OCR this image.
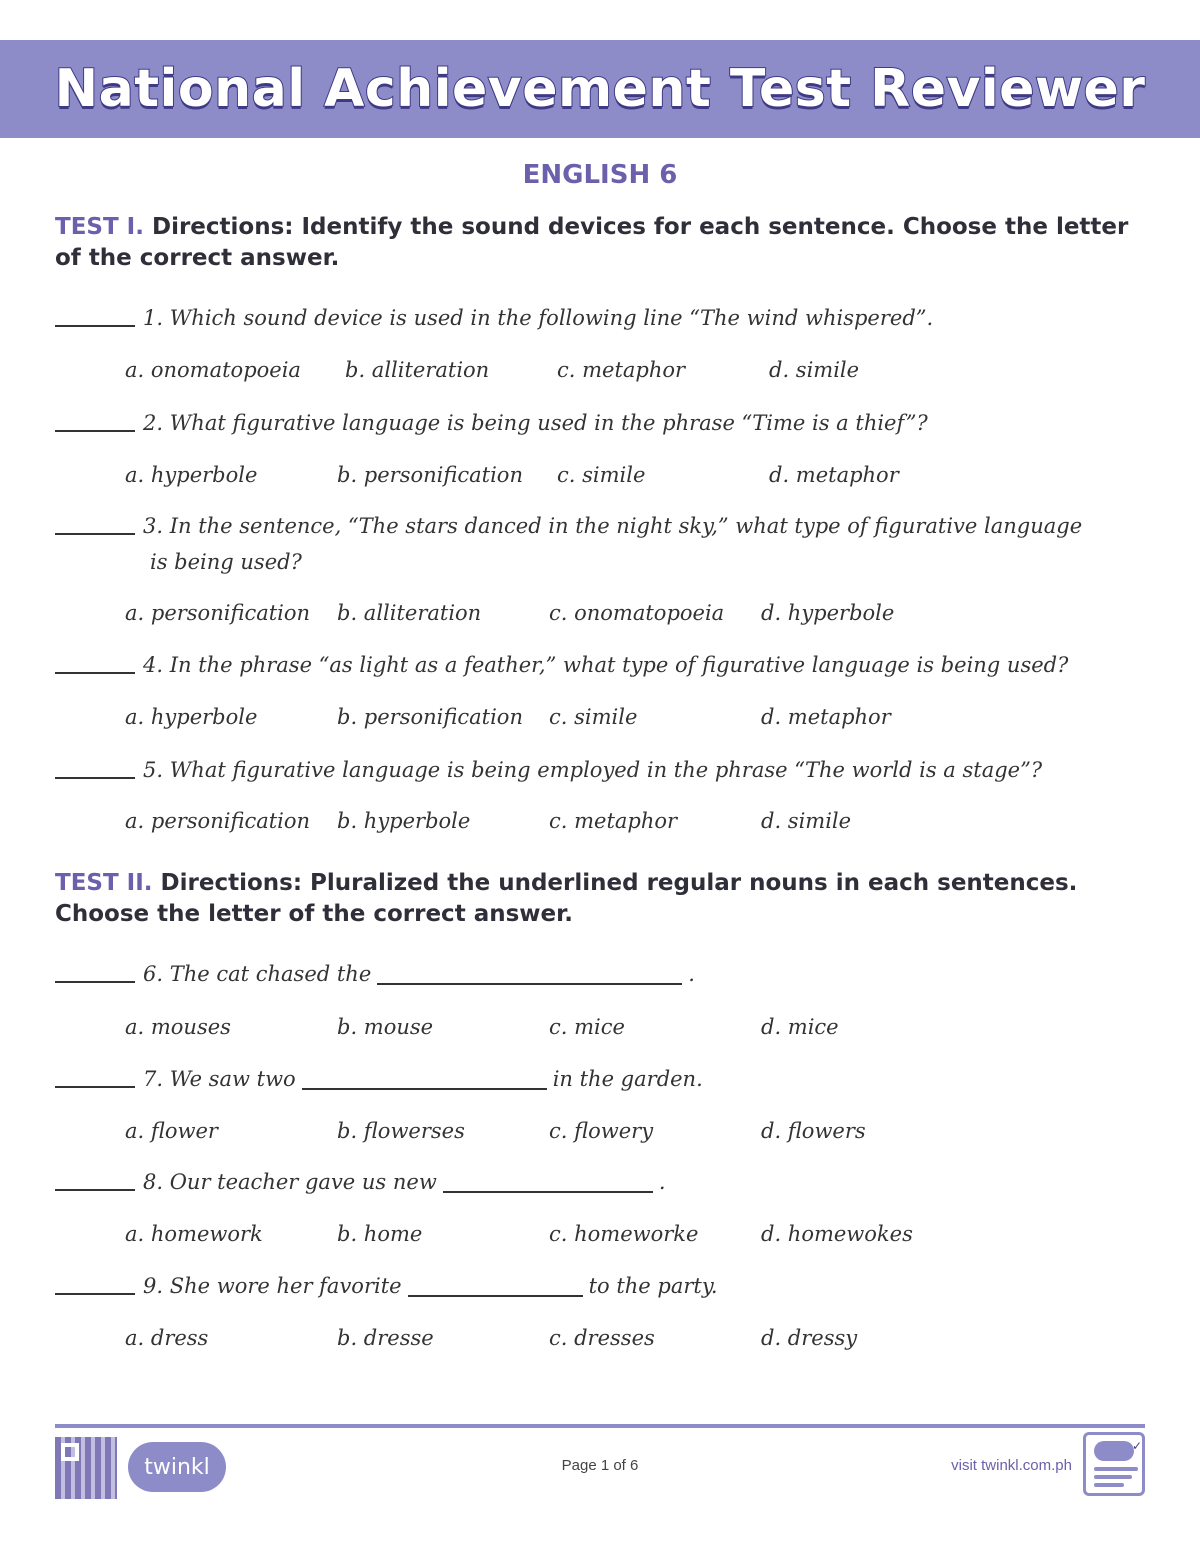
National Achievement Test Reviewer
ENGLISH 6
TEST I. Directions: Identify the sound devices for each sentence. Choose the letter of the correct answer.
1. Which sound device is used in the following line “The wind whispered”.
a. onomatopoeia b. alliteration	c. metaphor	d. simile
2. What figurative language is being used in the phrase “Time is a thief”?
a. hyperbole	b. personification c. simile	d. metaphor
3. In the sentence, “The stars danced in the night sky,” what type of figurative language
is being used?
a. personification b. alliteration	c. onomatopoeia d. hyperbole
4. In the phrase “as light as a feather,” what type of figurative language is being used?
a. hyperbole	b. personification c. simile	d. metaphor
5. What figurative language is being employed in the phrase “The world is a stage”?
a. personification b. hyperbole	c. metaphor	d. simile
TEST II. Directions: Pluralized the underlined regular nouns in each sentences. Choose the letter of the correct answer.
6. The cat chased the	.
a. mouses	b. mouse	c. mice	d. mice
7. We saw two	in the garden.
a. flower	b. flowerses	c. flowery	d. flowers
8. Our teacher gave us new	.
a. homework	b. home	c. homeworke	d. homewokes
9. She wore her favorite	to the party.
a. dress	b. dresse	c. dresses	d. dressy
twinkl	Page 1 of 6	visit twinkl.com.ph
✓
